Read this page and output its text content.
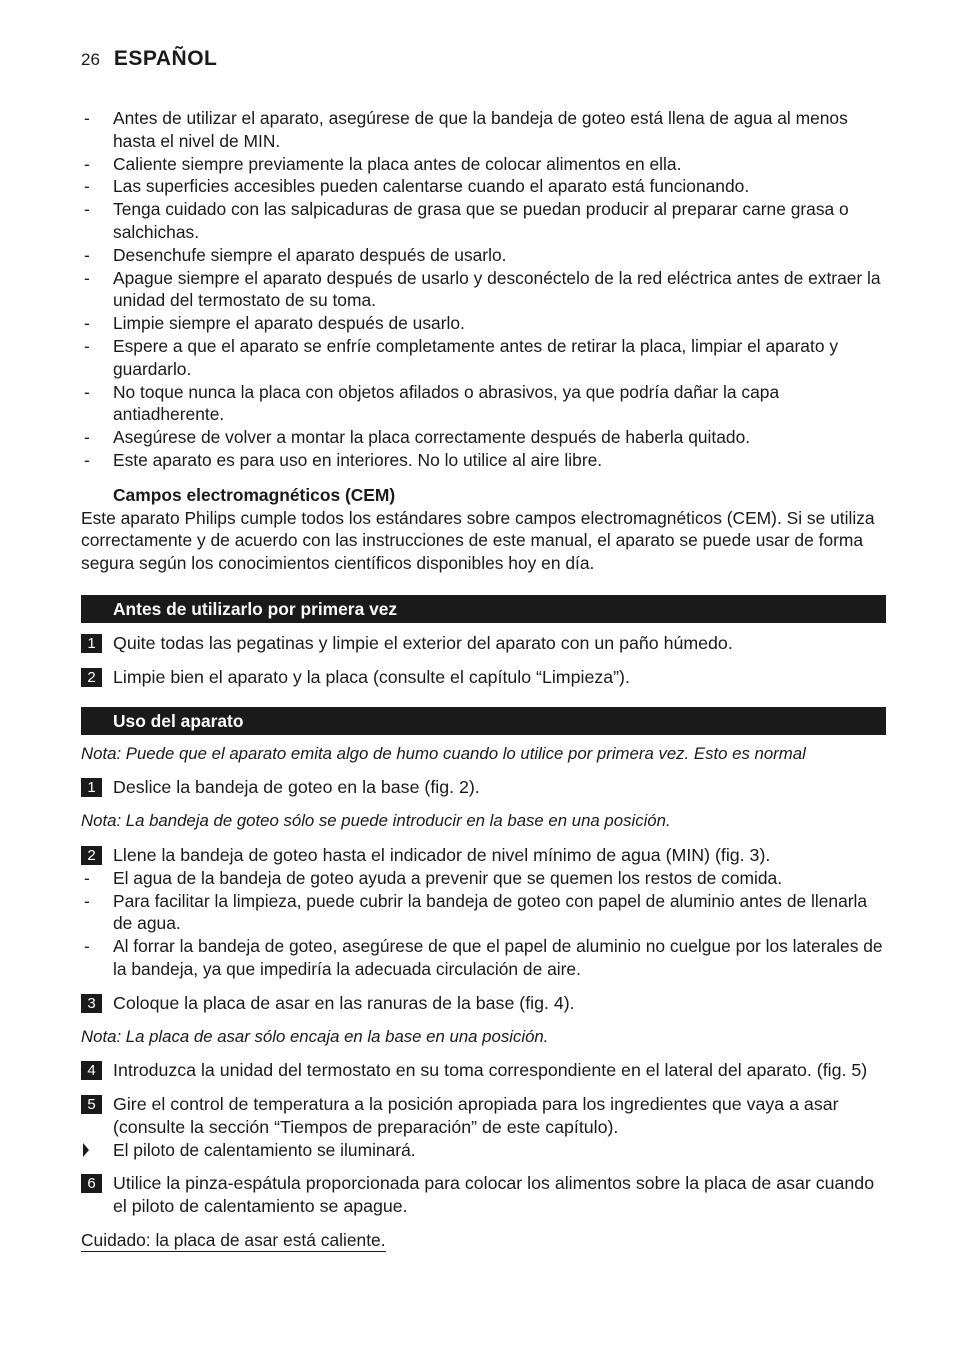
26 ESPAÑOL
- Antes de utilizar el aparato, asegúrese de que la bandeja de goteo está llena de agua al menos hasta el nivel de MIN.
- Caliente siempre previamente la placa antes de colocar alimentos en ella.
- Las superficies accesibles pueden calentarse cuando el aparato está funcionando.
- Tenga cuidado con las salpicaduras de grasa que se puedan producir al preparar carne grasa o salchichas.
- Desenchufe siempre el aparato después de usarlo.
- Apague siempre el aparato después de usarlo y desconéctelo de la red eléctrica antes de extraer la unidad del termostato de su toma.
- Limpie siempre el aparato después de usarlo.
- Espere a que el aparato se enfríe completamente antes de retirar la placa, limpiar el aparato y guardarlo.
- No toque nunca la placa con objetos afilados o abrasivos, ya que podría dañar la capa antiadherente.
- Asegúrese de volver a montar la placa correctamente después de haberla quitado.
- Este aparato es para uso en interiores. No lo utilice al aire libre.
Campos electromagnéticos (CEM)
Este aparato Philips cumple todos los estándares sobre campos electromagnéticos (CEM). Si se utiliza correctamente y de acuerdo con las instrucciones de este manual, el aparato se puede usar de forma segura según los conocimientos científicos disponibles hoy en día.
Antes de utilizarlo por primera vez
1 Quite todas las pegatinas y limpie el exterior del aparato con un paño húmedo.
2 Limpie bien el aparato y la placa (consulte el capítulo “Limpieza”).
Uso del aparato
Nota: Puede que el aparato emita algo de humo cuando lo utilice por primera vez. Esto es normal
1 Deslice la bandeja de goteo en la base (fig. 2).
Nota: La bandeja de goteo sólo se puede introducir en la base en una posición.
2 Llene la bandeja de goteo hasta el indicador de nivel mínimo de agua (MIN) (fig. 3).
- El agua de la bandeja de goteo ayuda a prevenir que se quemen los restos de comida.
- Para facilitar la limpieza, puede cubrir la bandeja de goteo con papel de aluminio antes de llenarla de agua.
- Al forrar la bandeja de goteo, asegúrese de que el papel de aluminio no cuelgue por los laterales de la bandeja, ya que impediría la adecuada circulación de aire.
3 Coloque la placa de asar en las ranuras de la base (fig. 4).
Nota: La placa de asar sólo encaja en la base en una posición.
4 Introduzca la unidad del termostato en su toma correspondiente en el lateral del aparato. (fig. 5)
5 Gire el control de temperatura a la posición apropiada para los ingredientes que vaya a asar (consulte la sección “Tiempos de preparación” de este capítulo).
El piloto de calentamiento se iluminará.
6 Utilice la pinza-espátula proporcionada para colocar los alimentos sobre la placa de asar cuando el piloto de calentamiento se apague.
Cuidado: la placa de asar está caliente.
